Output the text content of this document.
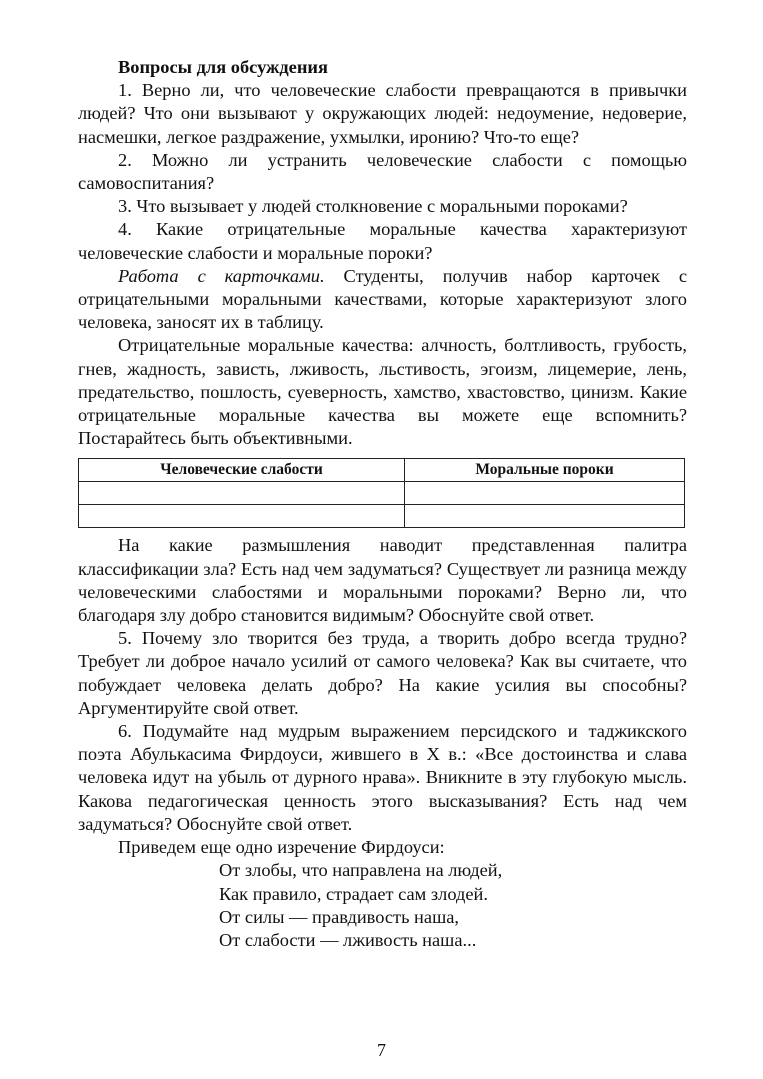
Вопросы для обсуждения

1. Верно ли, что человеческие слабости превращаются в привычки людей? Что они вызывают у окружающих людей: недоумение, недоверие, насмешки, легкое раздражение, ухмылки, иронию? Что-то еще?

2. Можно ли устранить человеческие слабости с помощью самовоспитания?

3. Что вызывает у людей столкновение с моральными пороками?

4. Какие отрицательные моральные качества характеризуют человеческие слабости и моральные пороки?

Работа с карточками. Студенты, получив набор карточек с отрицательными моральными качествами, которые характеризуют злого человека, заносят их в таблицу.

Отрицательные моральные качества: алчность, болтливость, грубость, гнев, жадность, зависть, лживость, льстивость, эгоизм, лицемерие, лень, предательство, пошлость, суеверность, хамство, хвастовство, цинизм. Какие отрицательные моральные качества вы можете еще вспомнить? Постарайтесь быть объективными.

Человеческие слабости	Моральные пороки

На какие размышления наводит представленная палитра классификации зла? Есть над чем задуматься? Существует ли разница между человеческими слабостями и моральными пороками? Верно ли, что благодаря злу добро становится видимым? Обоснуйте свой ответ.

5. Почему зло творится без труда, а творить добро всегда трудно? Требует ли доброе начало усилий от самого человека? Как вы считаете, что побуждает человека делать добро? На какие усилия вы способны? Аргументируйте свой ответ.

6. Подумайте над мудрым выражением персидского и таджикского поэта Абулькасима Фирдоуси, жившего в X в.: «Все достоинства и слава человека идут на убыль от дурного нрава». Вникните в эту глубокую мысль. Какова педагогическая ценность этого высказывания? Есть над чем задуматься? Обоснуйте свой ответ.

Приведем еще одно изречение Фирдоуси:

От злобы, что направлена на людей,
Как правило, страдает сам злодей.
От силы — правдивость наша,
От слабости — лживость наша...
7
